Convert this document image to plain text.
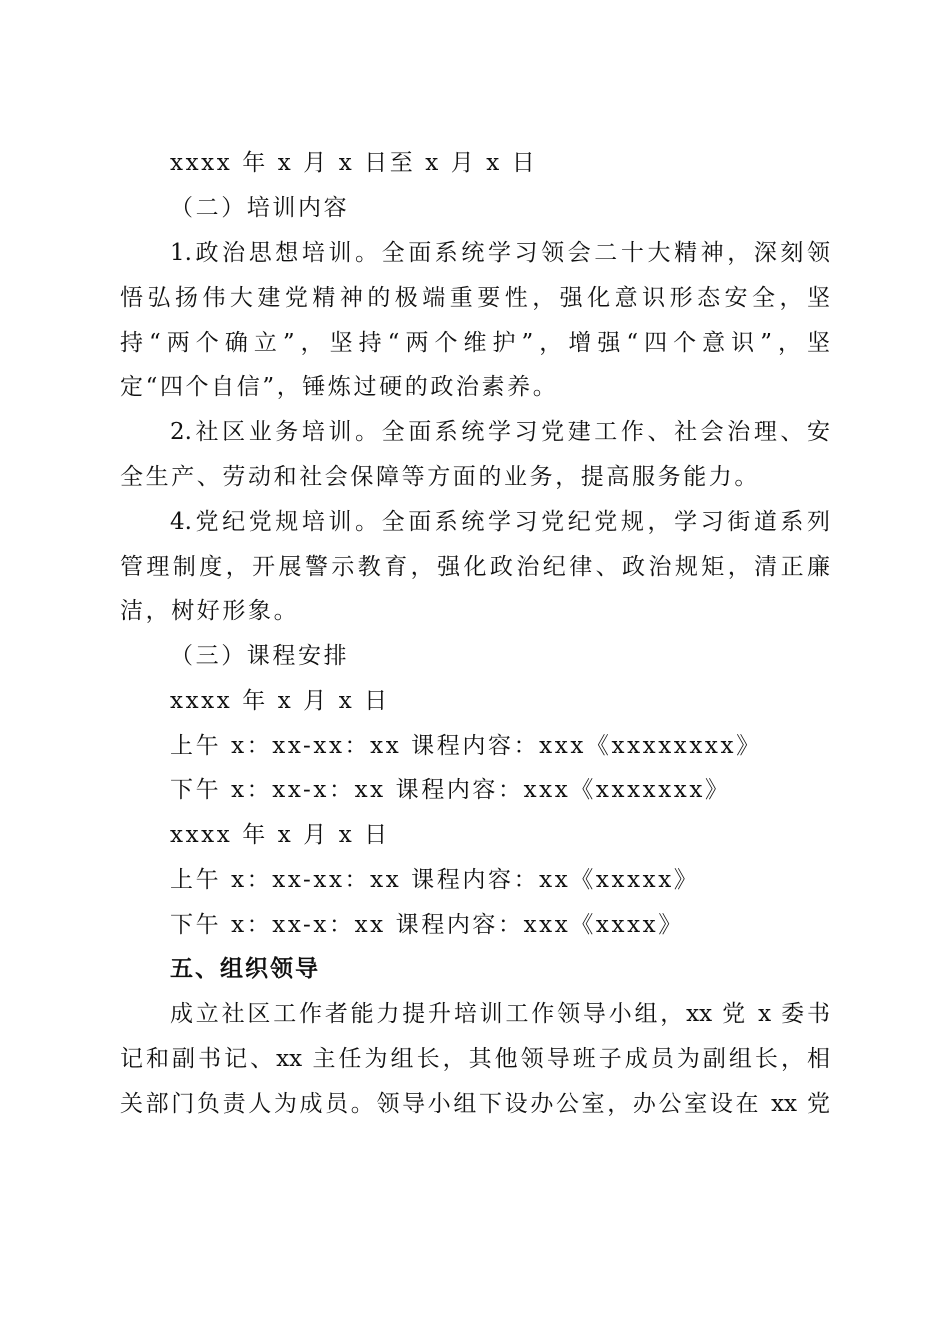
xxxx 年 x 月 x 日至 x 月 x 日
（二）培训内容
1.政治思想培训。全面系统学习领会二十大精神，深刻领
悟弘扬伟大建党精神的极端重要性，强化意识形态安全，坚
持“两个确立”，坚持“两个维护”，增强“四个意识”，坚
定“四个自信”，锤炼过硬的政治素养。
2.社区业务培训。全面系统学习党建工作、社会治理、安
全生产、劳动和社会保障等方面的业务，提高服务能力。
4.党纪党规培训。全面系统学习党纪党规，学习街道系列
管理制度，开展警示教育，强化政治纪律、政治规矩，清正廉
洁，树好形象。
（三）课程安排
xxxx 年 x 月 x 日
上午 x：xx-xx：xx 课程内容：xxx《xxxxxxxx》
下午 x：xx-x：xx 课程内容：xxx《xxxxxxx》
xxxx 年 x 月 x 日
上午 x：xx-xx：xx 课程内容：xx《xxxxx》
下午 x：xx-x：xx 课程内容：xxx《xxxx》
五、组织领导
成立社区工作者能力提升培训工作领导小组，xx 党 x 委书
记和副书记、xx 主任为组长，其他领导班子成员为副组长，相
关部门负责人为成员。领导小组下设办公室，办公室设在 xx 党
